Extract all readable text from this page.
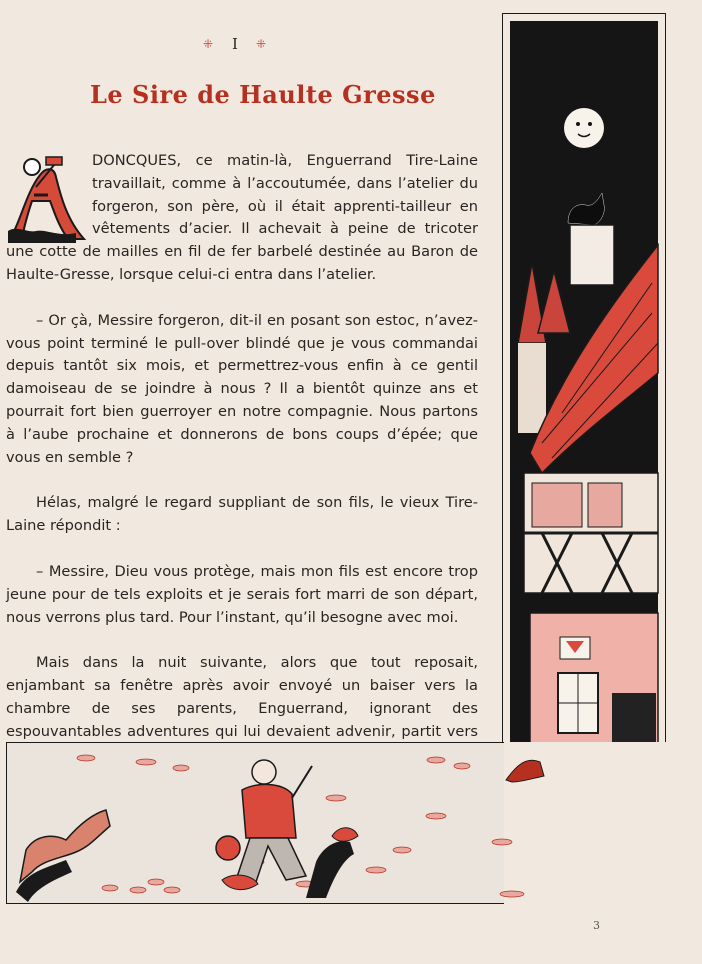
⁜ I ⁜
Le Sire de Haulte Gresse

DONCQUES, ce matin-là, Enguerrand Tire-Laine travaillait, comme à l’accoutumée, dans l’atelier du forgeron, son père, où il était apprenti-tailleur en vêtements d’acier. Il achevait à peine de tricoter une cotte de mailles en fil de fer barbelé destinée au Baron de Haulte-Gresse, lorsque celui-ci entra dans l’atelier.

– Or çà, Messire forgeron, dit-il en posant son estoc, n’avez-vous point terminé le pull-over blindé que je vous commandai depuis tantôt six mois, et permettrez-vous enfin à ce gentil damoiseau de se joindre à nous ? Il a bientôt quinze ans et pourrait fort bien guerroyer en notre compagnie. Nous partons à l’aube prochaine et donnerons de bons coups d’épée; que vous en semble ?

Hélas, malgré le regard suppliant de son fils, le vieux Tire-Laine répondit :

– Messire, Dieu vous protège, mais mon fils est encore trop jeune pour de tels exploits et je serais fort marri de son départ, nous verrons plus tard. Pour l’instant, qu’il besogne avec moi.

Mais dans la nuit suivante, alors que tout reposait, enjambant sa fenêtre après avoir envoyé un baiser vers la chambre de ses parents, Enguerrand, ignorant des espouvantables adventures qui lui devaient advenir, partit vers

3
